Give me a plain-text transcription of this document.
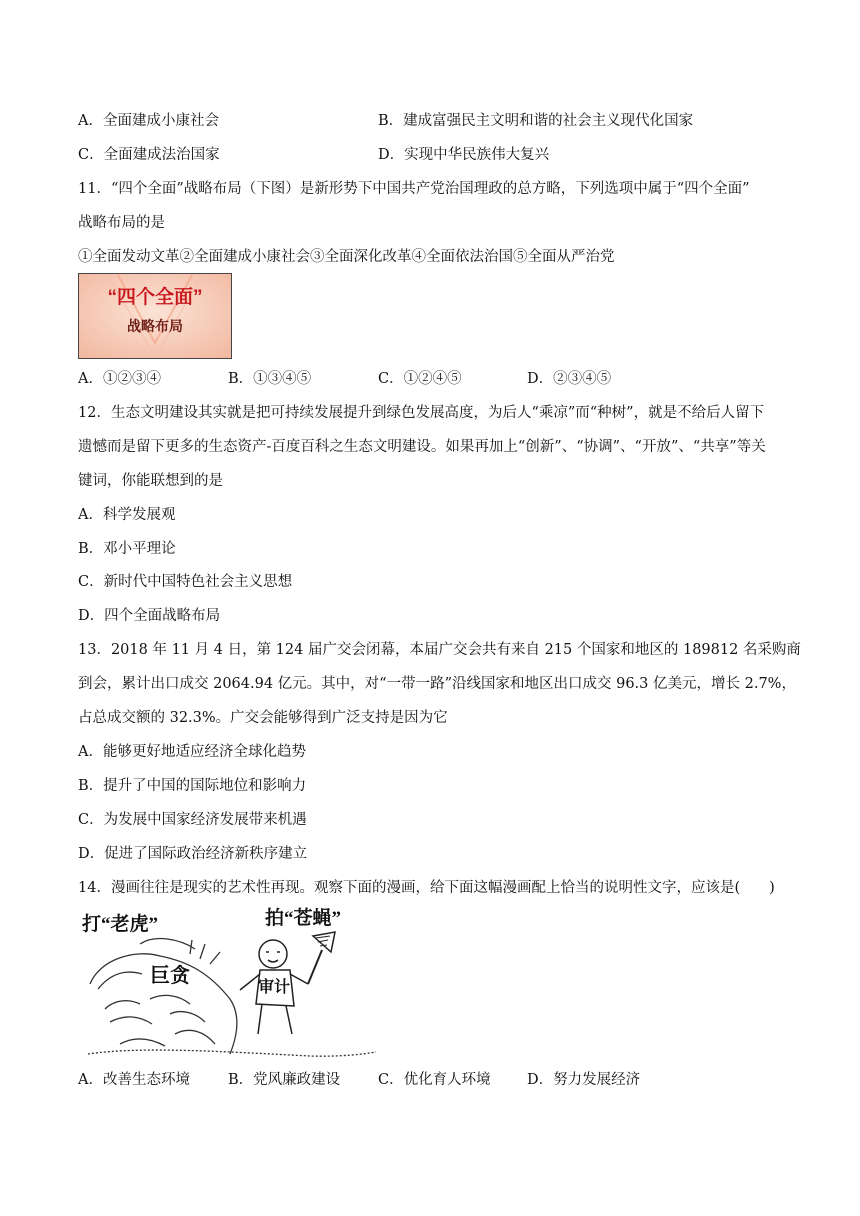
A．全面建成小康社会	B．建成富强民主文明和谐的社会主义现代化国家
C．全面建成法治国家	D．实现中华民族伟大复兴
11．“四个全面”战略布局（下图）是新形势下中国共产党治国理政的总方略，下列选项中属于“四个全面”
战略布局的是
①全面发动文革②全面建成小康社会③全面深化改革④全面依法治国⑤全面从严治党
“四个全面”
战略布局
A．①②③④	B．①③④⑤	C．①②④⑤	D．②③④⑤
12．生态文明建设其实就是把可持续发展提升到绿色发展高度，为后人“乘凉”而“种树”，就是不给后人留下
遗憾而是留下更多的生态资产-百度百科之生态文明建设。如果再加上“创新”、“协调”、“开放”、“共享”等关
键词，你能联想到的是
A．科学发展观
B．邓小平理论
C．新时代中国特色社会主义思想
D．四个全面战略布局
13．2018 年 11 月 4 日，第 124 届广交会闭幕，本届广交会共有来自 215 个国家和地区的 189812 名采购商
到会，累计出口成交 2064.94 亿元。其中，对“一带一路”沿线国家和地区出口成交 96.3 亿美元，增长 2.7%，
占总成交额的 32.3%。广交会能够得到广泛支持是因为它
A．能够更好地适应经济全球化趋势
B．提升了中国的国际地位和影响力
C．为发展中国家经济发展带来机遇
D．促进了国际政治经济新秩序建立
14．漫画往往是现实的艺术性再现。观察下面的漫画，给下面这幅漫画配上恰当的说明性文字，应该是(　　)
打“老虎”	拍“苍蝇”
巨贪
审计
A．改善生态环境	B．党风廉政建设	C．优化育人环境	D．努力发展经济
